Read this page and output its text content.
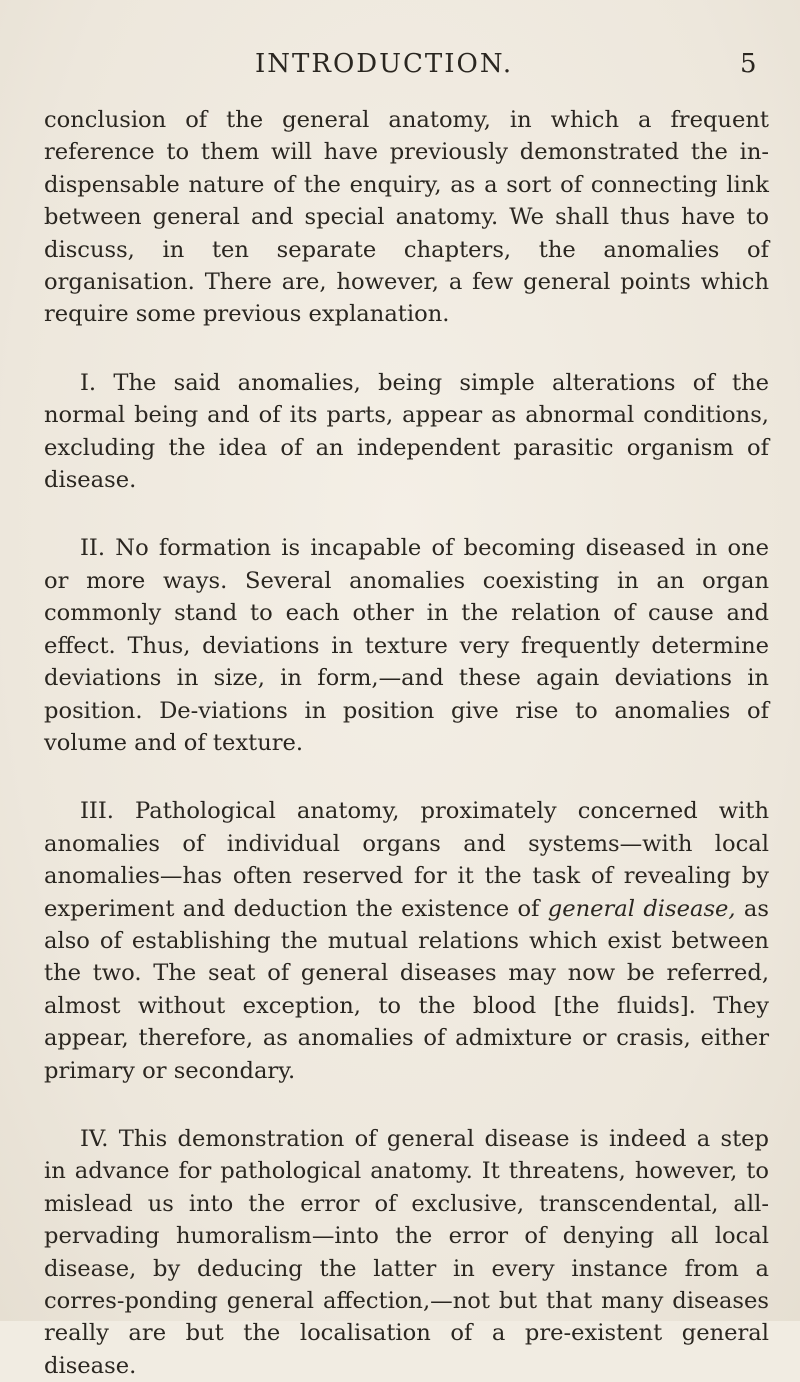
INTRODUCTION.	5

conclusion of the general anatomy, in which a frequent reference to them will have previously demonstrated the in-dispensable nature of the enquiry, as a sort of connecting link between general and special anatomy. We shall thus have to discuss, in ten separate chapters, the anomalies of organisation. There are, however, a few general points which require some previous explanation.

I. The said anomalies, being simple alterations of the normal being and of its parts, appear as abnormal conditions, excluding the idea of an independent parasitic organism of disease.

II. No formation is incapable of becoming diseased in one or more ways. Several anomalies coexisting in an organ commonly stand to each other in the relation of cause and effect. Thus, deviations in texture very frequently determine deviations in size, in form,—and these again deviations in position. De-viations in position give rise to anomalies of volume and of texture.

III. Pathological anatomy, proximately concerned with anomalies of individual organs and systems—with local anomalies—has often reserved for it the task of revealing by experiment and deduction the existence of general disease, as also of establishing the mutual relations which exist between the two. The seat of general diseases may now be referred, almost without exception, to the blood [the fluids]. They appear, therefore, as anomalies of admixture or crasis, either primary or secondary.

IV. This demonstration of general disease is indeed a step in advance for pathological anatomy. It threatens, however, to mislead us into the error of exclusive, transcendental, all-pervading humoralism—into the error of denying all local disease, by deducing the latter in every instance from a corres-ponding general affection,—not but that many diseases really are but the localisation of a pre-existent general disease.
